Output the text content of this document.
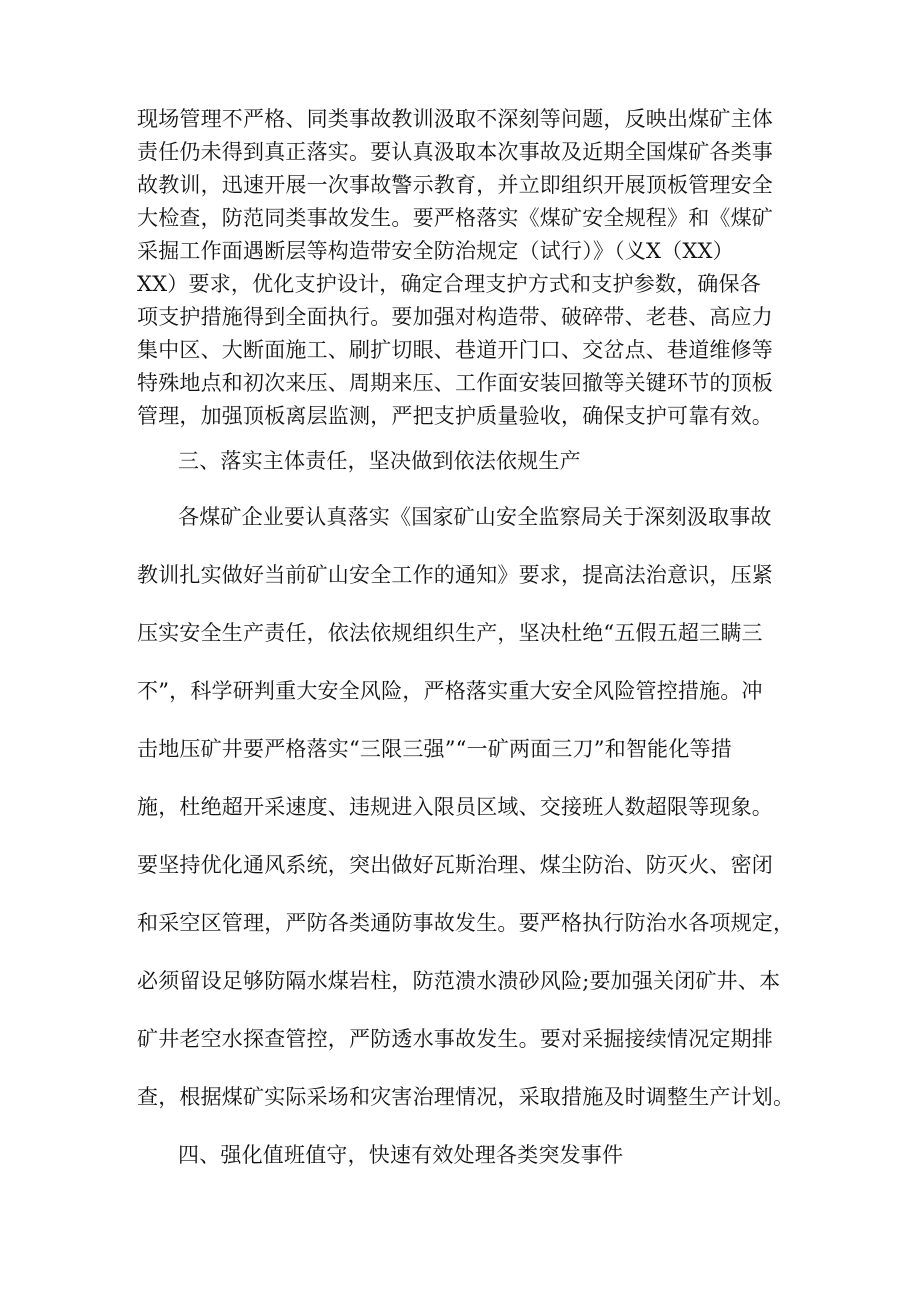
现场管理不严格、同类事故教训汲取不深刻等问题，反映出煤矿主体
责任仍未得到真正落实。要认真汲取本次事故及近期全国煤矿各类事
故教训，迅速开展一次事故警示教育，并立即组织开展顶板管理安全
大检查，防范同类事故发生。要严格落实《煤矿安全规程》和《煤矿
采掘工作面遇断层等构造带安全防治规定（试行）》（义X（XX）
XX）要求，优化支护设计，确定合理支护方式和支护参数，确保各
项支护措施得到全面执行。要加强对构造带、破碎带、老巷、高应力
集中区、大断面施工、刷扩切眼、巷道开门口、交岔点、巷道维修等
特殊地点和初次来压、周期来压、工作面安装回撤等关键环节的顶板
管理，加强顶板离层监测，严把支护质量验收，确保支护可靠有效。
三、落实主体责任，坚决做到依法依规生产
各煤矿企业要认真落实《国家矿山安全监察局关于深刻汲取事故
教训扎实做好当前矿山安全工作的通知》要求，提高法治意识，压紧
压实安全生产责任，依法依规组织生产，坚决杜绝“五假五超三瞒三
不”，科学研判重大安全风险，严格落实重大安全风险管控措施。冲
击地压矿井要严格落实“三限三强”“一矿两面三刀”和智能化等措
施，杜绝超开采速度、违规进入限员区域、交接班人数超限等现象。
要坚持优化通风系统，突出做好瓦斯治理、煤尘防治、防灭火、密闭
和采空区管理，严防各类通防事故发生。要严格执行防治水各项规定，
必须留设足够防隔水煤岩柱，防范溃水溃砂风险;要加强关闭矿井、本
矿井老空水探查管控，严防透水事故发生。要对采掘接续情况定期排
查，根据煤矿实际采场和灾害治理情况，采取措施及时调整生产计划。
四、强化值班值守，快速有效处理各类突发事件
